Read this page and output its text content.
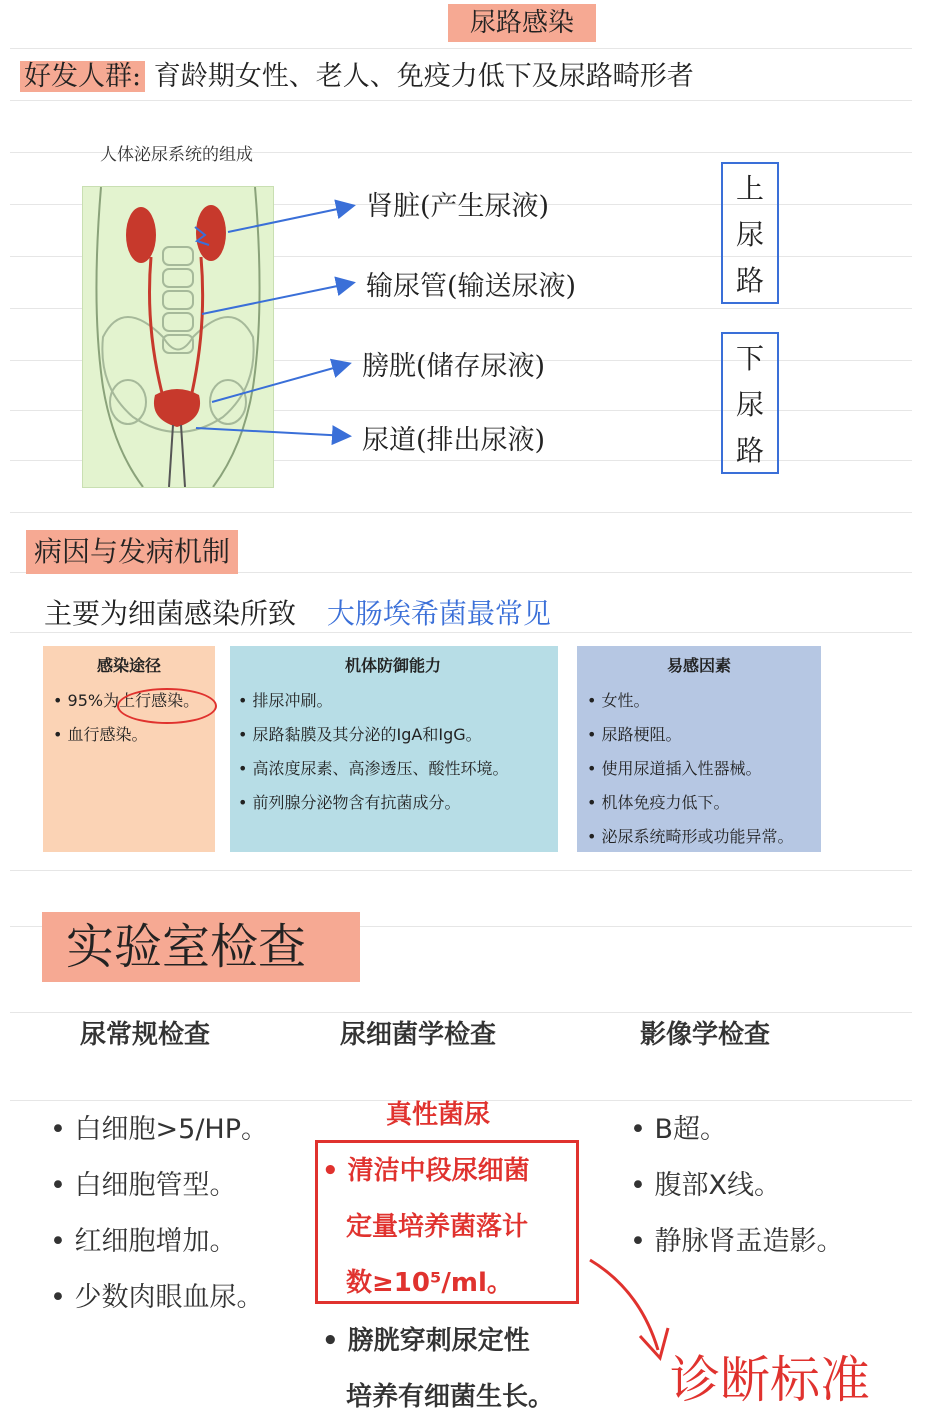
尿路感染
好发人群: 育龄期女性、老人、免疫力低下及尿路畸形者
人体泌尿系统的组成
肾脏(产生尿液)
输尿管(输送尿液)
膀胱(储存尿液)
尿道(排出尿液)
上
尿
路
下
尿
路
病因与发病机制
主要为细菌感染所致 大肠埃希菌最常见
感染途径
• 95%为上行感染。
• 血行感染。
机体防御能力
• 排尿冲刷。
• 尿路黏膜及其分泌的IgA和IgG。
• 高浓度尿素、高渗透压、酸性环境。
• 前列腺分泌物含有抗菌成分。
易感因素
• 女性。
• 尿路梗阻。
• 使用尿道插入性器械。
• 机体免疫力低下。
• 泌尿系统畸形或功能异常。
实验室检查
尿常规检查	尿细菌学检查	影像学检查
• 白细胞>5/HP。
• 白细胞管型。
• 红细胞增加。
• 少数肉眼血尿。
• B超。
• 腹部X线。
• 静脉肾盂造影。
真性菌尿
• 清洁中段尿细菌
定量培养菌落计
数≥10⁵/ml。
• 膀胱穿刺尿定性
培养有细菌生长。 诊断标准
